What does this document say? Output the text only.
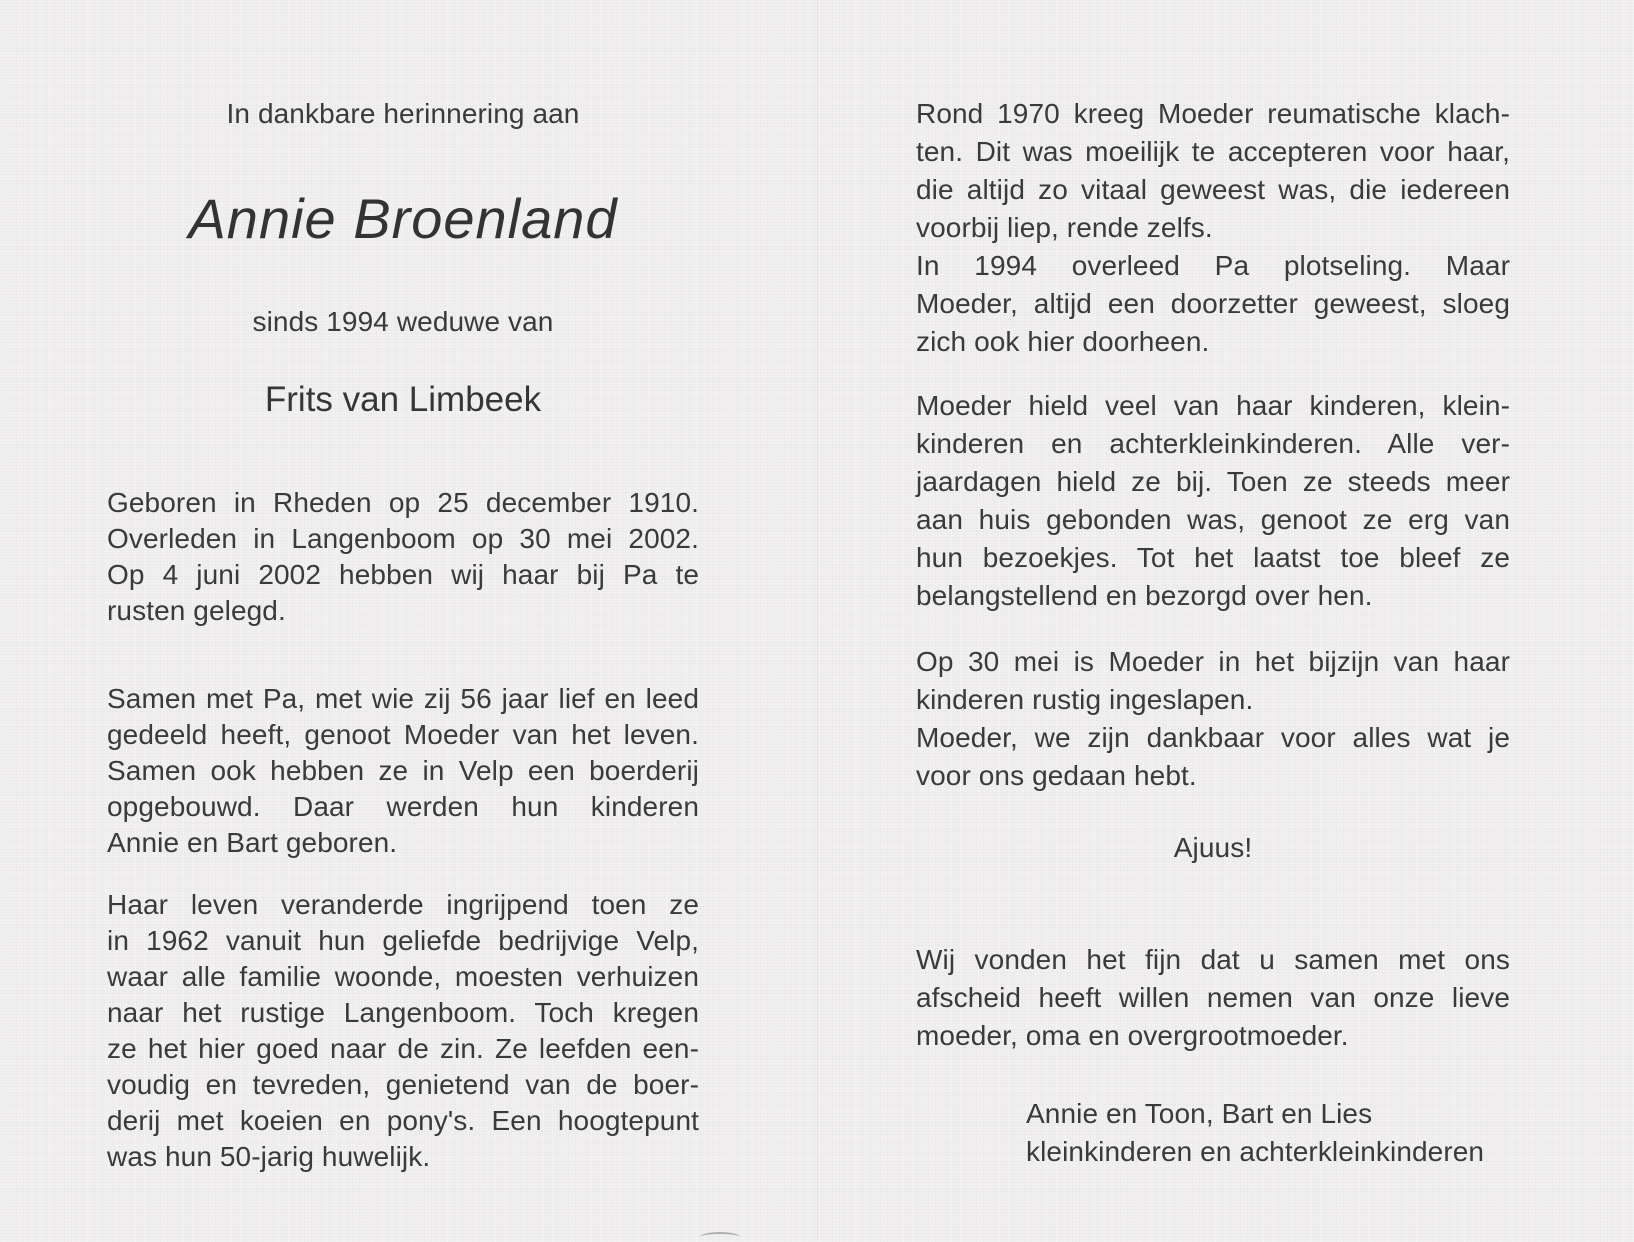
In dankbare herinnering aan
Annie Broenland
sinds 1994 weduwe van
Frits van Limbeek
Geboren in Rheden op 25 december 1910.
Overleden in Langenboom op 30 mei 2002.
Op 4 juni 2002 hebben wij haar bij Pa te
rusten gelegd.
Samen met Pa, met wie zij 56 jaar lief en leed
gedeeld heeft, genoot Moeder van het leven.
Samen ook hebben ze in Velp een boerderij
opgebouwd. Daar werden hun kinderen
Annie en Bart geboren.
Haar leven veranderde ingrijpend toen ze
in 1962 vanuit hun geliefde bedrijvige Velp,
waar alle familie woonde, moesten verhuizen
naar het rustige Langenboom. Toch kregen
ze het hier goed naar de zin. Ze leefden een-
voudig en tevreden, genietend van de boer-
derij met koeien en pony's. Een hoogtepunt
was hun 50-jarig huwelijk.
Rond 1970 kreeg Moeder reumatische klach-
ten. Dit was moeilijk te accepteren voor haar,
die altijd zo vitaal geweest was, die iedereen
voorbij liep, rende zelfs.
In 1994 overleed Pa plotseling. Maar
Moeder, altijd een doorzetter geweest, sloeg
zich ook hier doorheen.
Moeder hield veel van haar kinderen, klein-
kinderen en achterkleinkinderen. Alle ver-
jaardagen hield ze bij. Toen ze steeds meer
aan huis gebonden was, genoot ze erg van
hun bezoekjes. Tot het laatst toe bleef ze
belangstellend en bezorgd over hen.
Op 30 mei is Moeder in het bijzijn van haar
kinderen rustig ingeslapen.
Moeder, we zijn dankbaar voor alles wat je
voor ons gedaan hebt.
Ajuus!
Wij vonden het fijn dat u samen met ons
afscheid heeft willen nemen van onze lieve
moeder, oma en overgrootmoeder.
Annie en Toon, Bart en Lies
kleinkinderen en achterkleinkinderen
